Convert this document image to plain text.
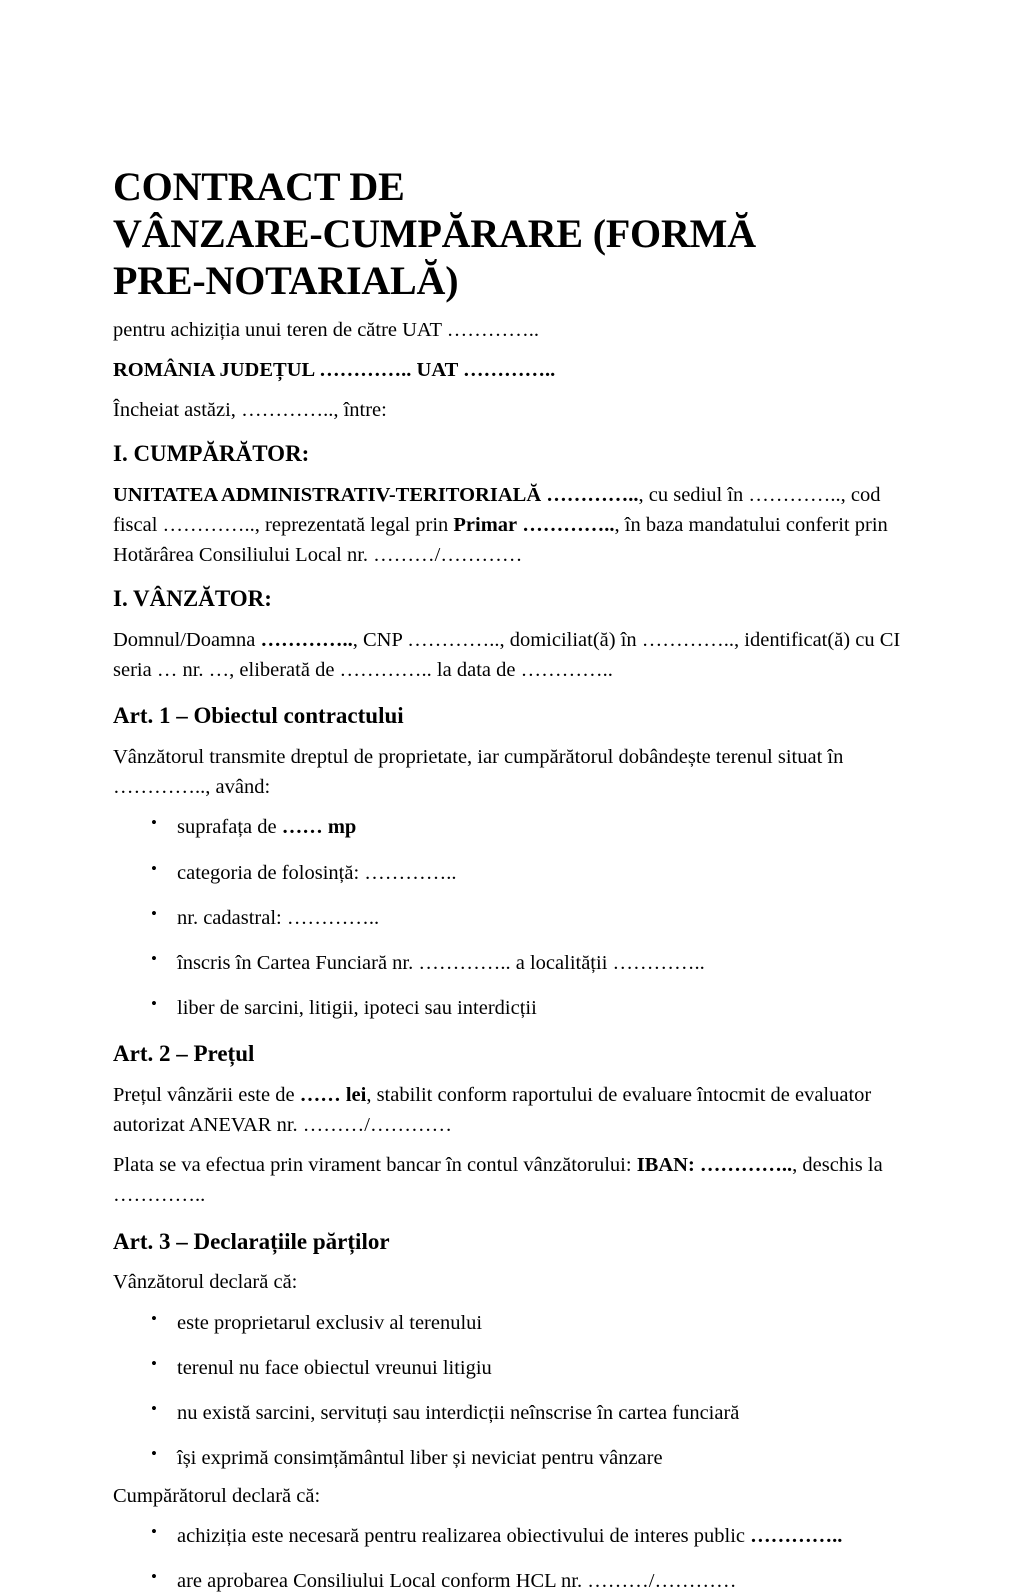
CONTRACT DE
VÂNZARE-CUMPĂRARE (FORMĂ
PRE-NOTARIALĂ)

pentru achiziția unui teren de către UAT …………..

ROMÂNIA JUDEȚUL ………….. UAT …………..

Încheiat astăzi, ………….., între:

I. CUMPĂRĂTOR:

UNITATEA ADMINISTRATIV-TERITORIALĂ ………….., cu sediul în ………….., cod fiscal ………….., reprezentată legal prin Primar ………….., în baza mandatului conferit prin Hotărârea Consiliului Local nr. ………/…………

I. VÂNZĂTOR:

Domnul/Doamna ………….., CNP ………….., domiciliat(ă) în ………….., identificat(ă) cu CI seria … nr. …, eliberată de ………….. la data de …………..

Art. 1 – Obiectul contractului

Vânzătorul transmite dreptul de proprietate, iar cumpărătorul dobândește terenul situat în ………….., având:

• suprafața de …… mp
• categoria de folosință: …………..
• nr. cadastral: …………..
• înscris în Cartea Funciară nr. ………….. a localității …………..
• liber de sarcini, litigii, ipoteci sau interdicții
Art. 2 – Prețul

Prețul vânzării este de …… lei, stabilit conform raportului de evaluare întocmit de evaluator autorizat ANEVAR nr. ………/…………

Plata se va efectua prin virament bancar în contul vânzătorului: IBAN: ………….., deschis la …………..

Art. 3 – Declarațiile părților

Vânzătorul declară că:

• este proprietarul exclusiv al terenului
• terenul nu face obiectul vreunui litigiu
• nu există sarcini, servituți sau interdicții neînscrise în cartea funciară
• își exprimă consimțământul liber și neviciat pentru vânzare

Cumpărătorul declară că:

• achiziția este necesară pentru realizarea obiectivului de interes public …………..
• are aprobarea Consiliului Local conform HCL nr. ………/…………
